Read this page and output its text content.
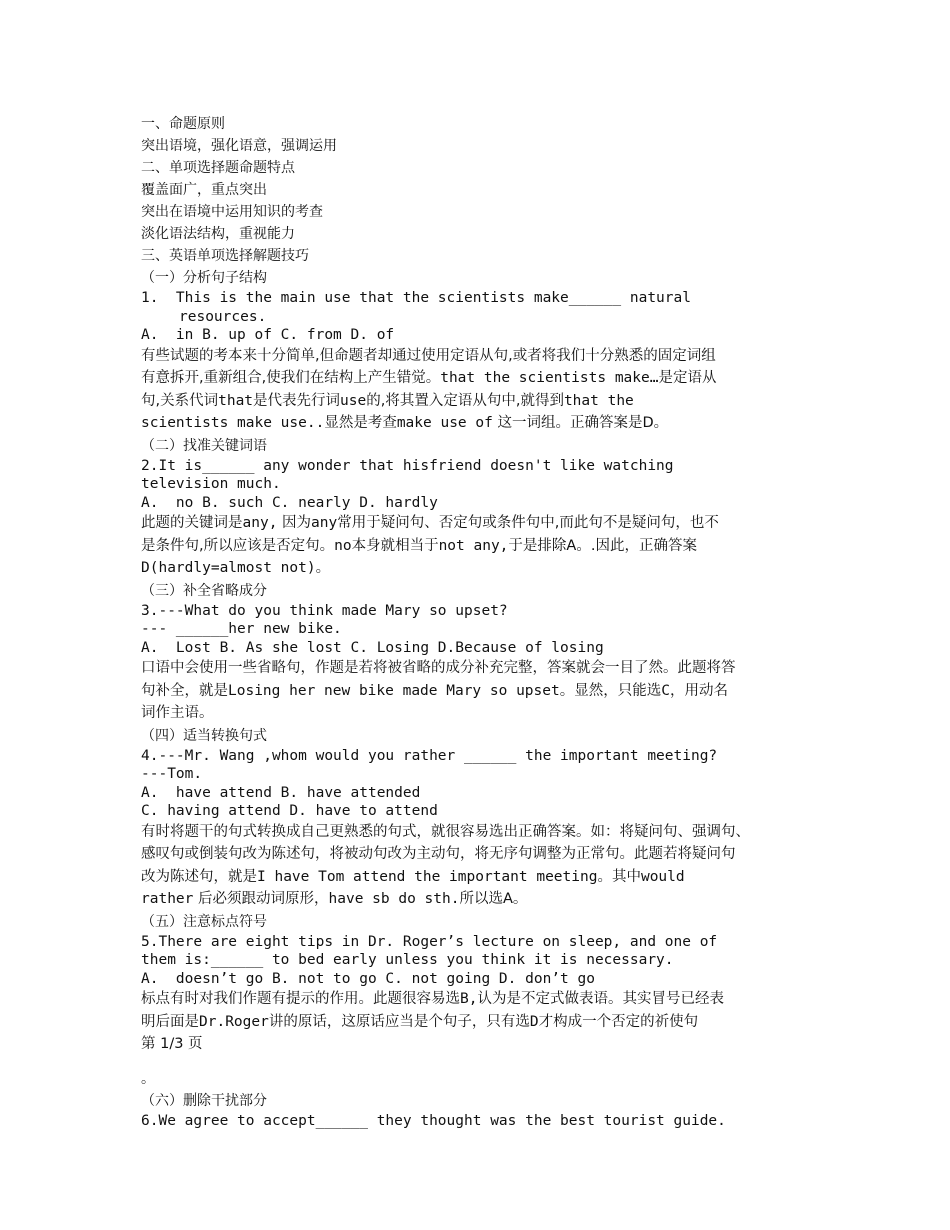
一、命题原则
突出语境，强化语意，强调运用
二、单项选择题命题特点
覆盖面广，重点突出
突出在语境中运用知识的考查
淡化语法结构，重视能力
三、英语单项选择解题技巧
（一）分析句子结构
1.  This is the main use that the scientists make______ natural
resources.
A.  in B. up of C. from D. of
有些试题的考本来十分简单,但命题者却通过使用定语从句,或者将我们十分熟悉的固定词组
有意拆开,重新组合,使我们在结构上产生错觉。that the scientists make…是定语从
句,关系代词that是代表先行词use的,将其置入定语从句中,就得到that the
scientists make use..显然是考查make use of 这一词组。正确答案是D。
（二）找准关键词语
2.It is______ any wonder that hisfriend doesn't like watching
television much.
A.  no B. such C. nearly D. hardly
此题的关键词是any, 因为any常用于疑问句、否定句或条件句中,而此句不是疑问句，也不
是条件句,所以应该是否定句。no本身就相当于not any,于是排除A。.因此，正确答案
D(hardly=almost not)。
（三）补全省略成分
3.---What do you think made Mary so upset?
--- ______her new bike.
A.  Lost B. As she lost C. Losing D.Because of losing
口语中会使用一些省略句，作题是若将被省略的成分补充完整，答案就会一目了然。此题将答
句补全，就是Losing her new bike made Mary so upset。显然，只能选C，用动名
词作主语。
（四）适当转换句式
4.---Mr. Wang ,whom would you rather ______ the important meeting?
---Tom.
A.  have attend B. have attended
C. having attend D. have to attend
有时将题干的句式转换成自己更熟悉的句式，就很容易选出正确答案。如：将疑问句、强调句、
感叹句或倒装句改为陈述句，将被动句改为主动句，将无序句调整为正常句。此题若将疑问句
改为陈述句，就是I have Tom attend the important meeting。其中would
rather 后必须跟动词原形，have sb do sth.所以选A。
（五）注意标点符号
5.There are eight tips in Dr. Roger’s lecture on sleep, and one of
them is:______ to bed early unless you think it is necessary.
A.  doesn’t go B. not to go C. not going D. don’t go
标点有时对我们作题有提示的作用。此题很容易选B,认为是不定式做表语。其实冒号已经表
明后面是Dr.Roger讲的原话，这原话应当是个句子，只有选D才构成一个否定的祈使句
第 1/3 页
。
（六）删除干扰部分
6.We agree to accept______ they thought was the best tourist guide.
